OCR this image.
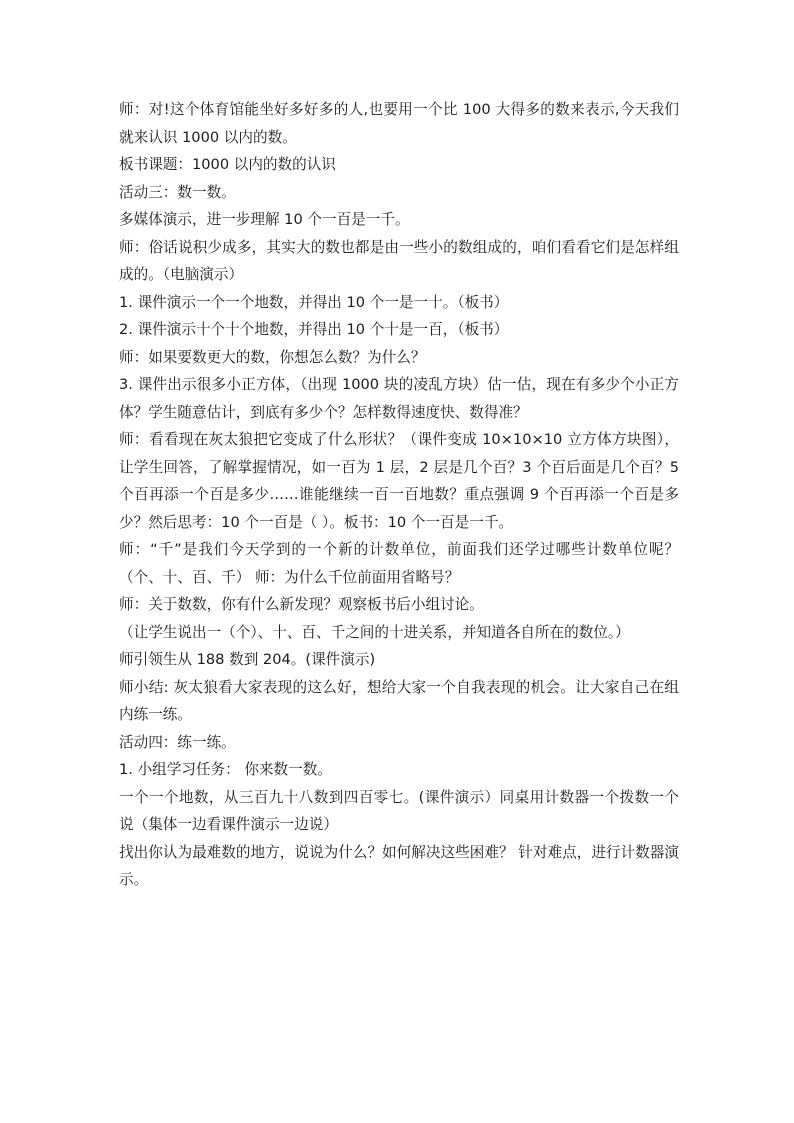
师：对!这个体育馆能坐好多好多的人,也要用一个比 100 大得多的数来表示,今天我们就来认识 1000 以内的数。

板书课题：1000 以内的数的认识

活动三：数一数。

多媒体演示，进一步理解 10 个一百是一千。

师：俗话说积少成多，其实大的数也都是由一些小的数组成的，咱们看看它们是怎样组成的。（电脑演示）

1. 课件演示一个一个地数，并得出 10 个一是一十。（板书）

2. 课件演示十个十个地数，并得出 10 个十是一百，（板书）

师：如果要数更大的数，你想怎么数？为什么？

3. 课件出示很多小正方体，（出现 1000 块的凌乱方块）估一估，现在有多少个小正方体？学生随意估计，到底有多少个？怎样数得速度快、数得准？

师：看看现在灰太狼把它变成了什么形状？（课件变成 10×10×10 立方体方块图），让学生回答，了解掌握情况，如一百为 1 层，2 层是几个百？3 个百后面是几个百？5 个百再添一个百是多少……谁能继续一百一百地数？重点强调 9 个百再添一个百是多少？然后思考：10 个一百是（ ）。板书：10 个一百是一千。

师：“千”是我们今天学到的一个新的计数单位，前面我们还学过哪些计数单位呢？（个、十、百、千） 师：为什么千位前面用省略号？

师：关于数数，你有什么新发现？观察板书后小组讨论。

（让学生说出一（个）、十、百、千之间的十进关系，并知道各自所在的数位。）

师引领生从 188 数到 204。(课件演示)

师小结: 灰太狼看大家表现的这么好，想给大家一个自我表现的机会。让大家自己在组内练一练。

活动四：练一练。

1. 小组学习任务： 你来数一数。

一个一个地数，从三百九十八数到四百零七。(课件演示）同桌用计数器一个拨数一个说（集体一边看课件演示一边说）

找出你认为最难数的地方，说说为什么？如何解决这些困难？ 针对难点，进行计数器演示。
